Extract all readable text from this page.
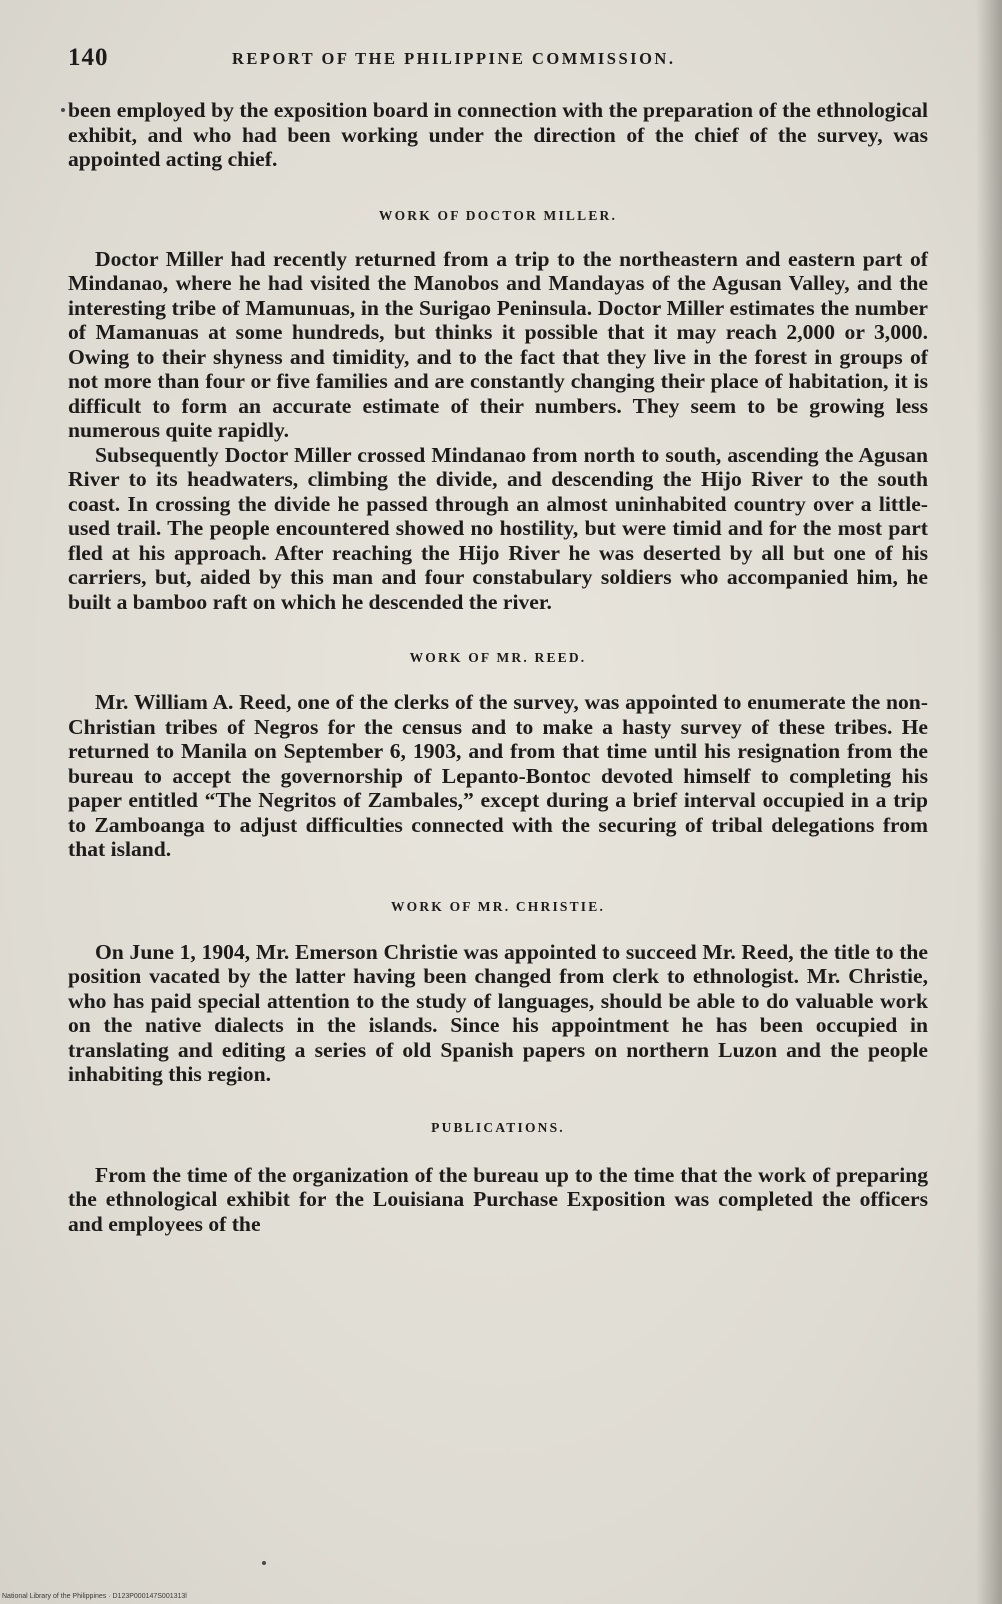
140	REPORT OF THE PHILIPPINE COMMISSION.

been employed by the exposition board in connection with the preparation of the ethnological exhibit, and who had been working under the direction of the chief of the survey, was appointed acting chief.

WORK OF DOCTOR MILLER.

Doctor Miller had recently returned from a trip to the northeastern and eastern part of Mindanao, where he had visited the Manobos and Mandayas of the Agusan Valley, and the interesting tribe of Mamunuas, in the Surigao Peninsula. Doctor Miller estimates the number of Mamanuas at some hundreds, but thinks it possible that it may reach 2,000 or 3,000. Owing to their shyness and timidity, and to the fact that they live in the forest in groups of not more than four or five families and are constantly changing their place of habitation, it is difficult to form an accurate estimate of their numbers. They seem to be growing less numerous quite rapidly.

Subsequently Doctor Miller crossed Mindanao from north to south, ascending the Agusan River to its headwaters, climbing the divide, and descending the Hijo River to the south coast. In crossing the divide he passed through an almost uninhabited country over a little-used trail. The people encountered showed no hostility, but were timid and for the most part fled at his approach. After reaching the Hijo River he was deserted by all but one of his carriers, but, aided by this man and four constabulary soldiers who accompanied him, he built a bamboo raft on which he descended the river.

WORK OF MR. REED.

Mr. William A. Reed, one of the clerks of the survey, was appointed to enumerate the non-Christian tribes of Negros for the census and to make a hasty survey of these tribes. He returned to Manila on September 6, 1903, and from that time until his resignation from the bureau to accept the governorship of Lepanto-Bontoc devoted himself to completing his paper entitled “The Negritos of Zambales,” except during a brief interval occupied in a trip to Zamboanga to adjust difficulties connected with the securing of tribal delegations from that island.

WORK OF MR. CHRISTIE.

On June 1, 1904, Mr. Emerson Christie was appointed to succeed Mr. Reed, the title to the position vacated by the latter having been changed from clerk to ethnologist. Mr. Christie, who has paid special attention to the study of languages, should be able to do valuable work on the native dialects in the islands. Since his appointment he has been occupied in translating and editing a series of old Spanish papers on northern Luzon and the people inhabiting this region.

PUBLICATIONS.

From the time of the organization of the bureau up to the time that the work of preparing the ethnological exhibit for the Louisiana Purchase Exposition was completed the officers and employees of the

National Library of the Philippines · D123P000147S001313l
